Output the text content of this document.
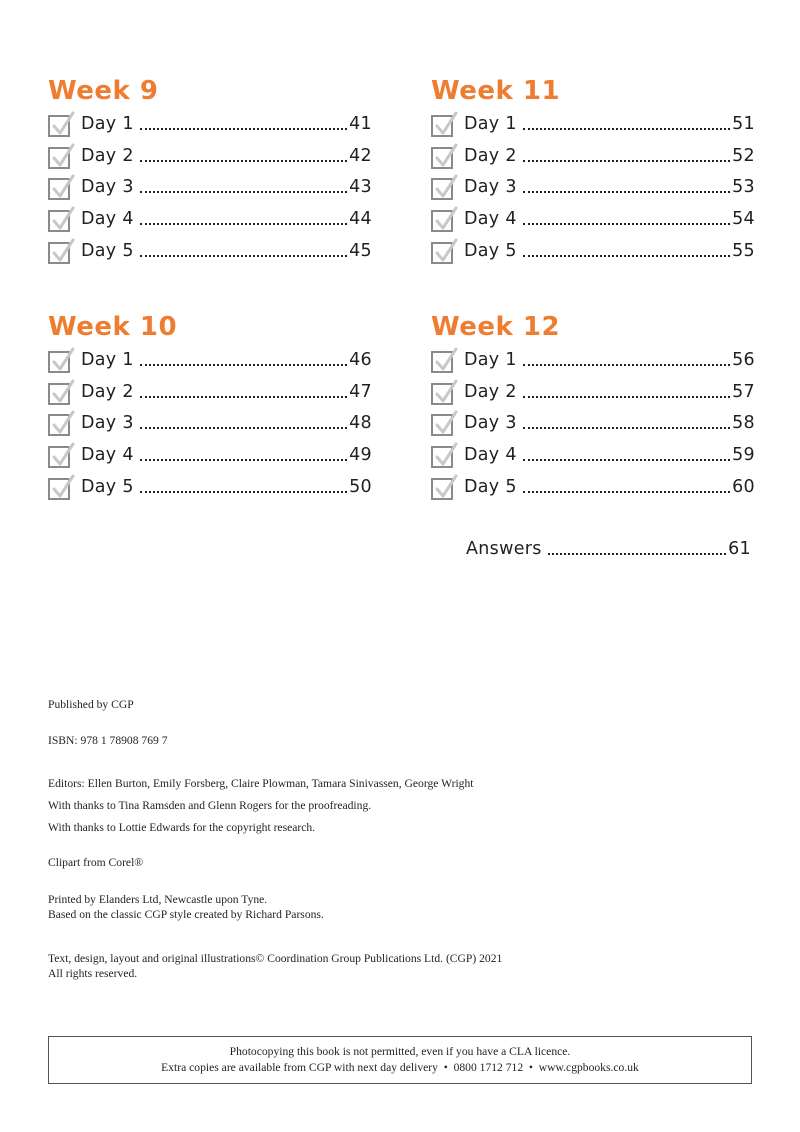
Week 9
Day 1	41
Day 2	42
Day 3	43
Day 4	44
Day 5	45
Week 10
Day 1	46
Day 2	47
Day 3	48
Day 4	49
Day 5	50
Week 11
Day 1	51
Day 2	52
Day 3	53
Day 4	54
Day 5	55
Week 12
Day 1	56
Day 2	57
Day 3	58
Day 4	59
Day 5	60
Answers	61

Published by CGP

ISBN: 978 1 78908 769 7

Editors: Ellen Burton, Emily Forsberg, Claire Plowman, Tamara Sinivassen, George Wright

With thanks to Tina Ramsden and Glenn Rogers for the proofreading.

With thanks to Lottie Edwards for the copyright research.

Clipart from Corel®

Printed by Elanders Ltd, Newcastle upon Tyne.

Based on the classic CGP style created by Richard Parsons.

Text, design, layout and original illustrations© Coordination Group Publications Ltd. (CGP) 2021

All rights reserved.

Photocopying this book is not permitted, even if you have a CLA licence.
Extra copies are available from CGP with next day delivery  •  0800 1712 712  •  www.cgpbooks.co.uk
